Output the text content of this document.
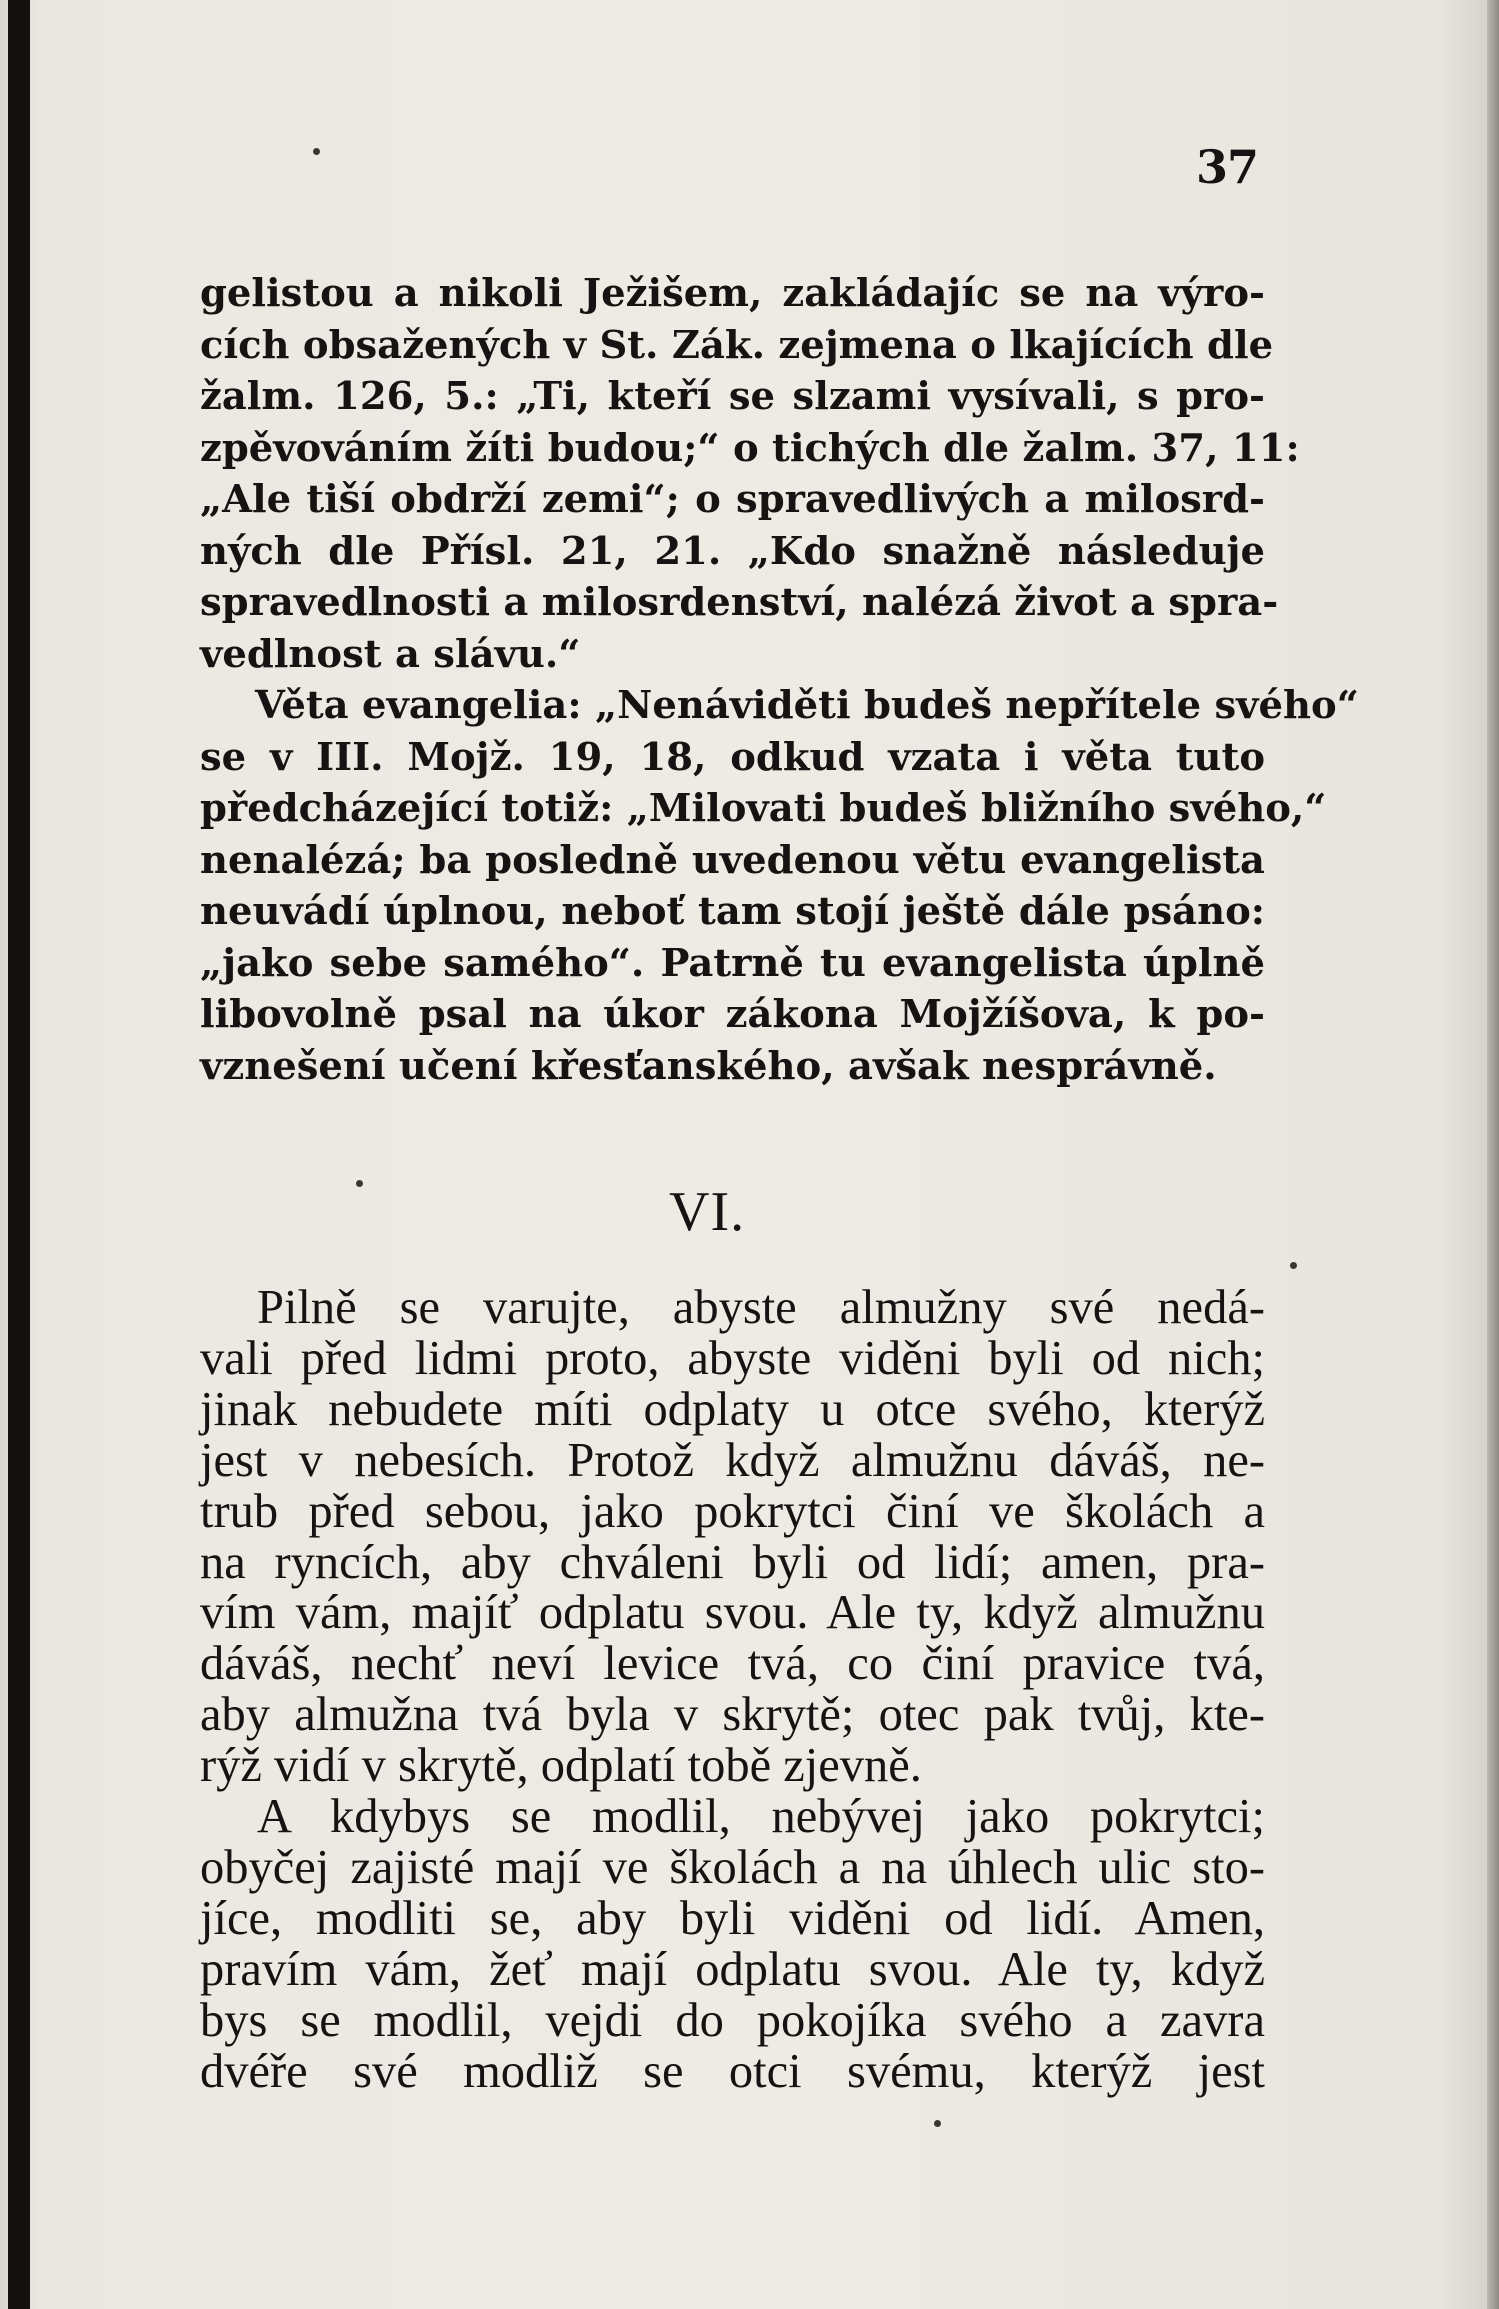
37
gelistou a nikoli Ježišem, zakládajíc se na výro-
cích obsažených v St. Zák. zejmena o lkajících dle
žalm. 126, 5.: „Ti, kteří se slzami vysívali, s pro-
zpěvováním žíti budou;“ o tichých dle žalm. 37, 11:
„Ale tiší obdrží zemi“; o spravedlivých a milosrd-
ných dle Přísl. 21, 21. „Kdo snažně následuje
spravedlnosti a milosrdenství, nalézá život a spra-
vedlnost a slávu.“
Věta evangelia: „Nenáviděti budeš nepřítele svého“
se v III. Mojž. 19, 18, odkud vzata i věta tuto
předcházející totiž: „Milovati budeš bližního svého,“
nenalézá; ba posledně uvedenou větu evangelista
neuvádí úplnou, neboť tam stojí ještě dále psáno:
„jako sebe samého“. Patrně tu evangelista úplně
libovolně psal na úkor zákona Mojžíšova, k po-
vznešení učení křesťanského, avšak nesprávně.
VI.
Pilně se varujte, abyste almužny své nedá-
vali před lidmi proto, abyste viděni byli od nich;
jinak nebudete míti odplaty u otce svého, kterýž
jest v nebesích. Protož když almužnu dáváš, ne-
trub před sebou, jako pokrytci činí ve školách a
na ryncích, aby chváleni byli od lidí; amen, pra-
vím vám, majíť odplatu svou. Ale ty, když almužnu
dáváš, nechť neví levice tvá, co činí pravice tvá,
aby almužna tvá byla v skrytě; otec pak tvůj, kte-
rýž vidí v skrytě, odplatí tobě zjevně.
A kdybys se modlil, nebývej jako pokrytci;
obyčej zajisté mají ve školách a na úhlech ulic sto-
jíce, modliti se, aby byli viděni od lidí. Amen,
pravím vám, žeť mají odplatu svou. Ale ty, když
bys se modlil, vejdi do pokojíka svého a zavra
dvéře své modliž se otci svému, kterýž jest
